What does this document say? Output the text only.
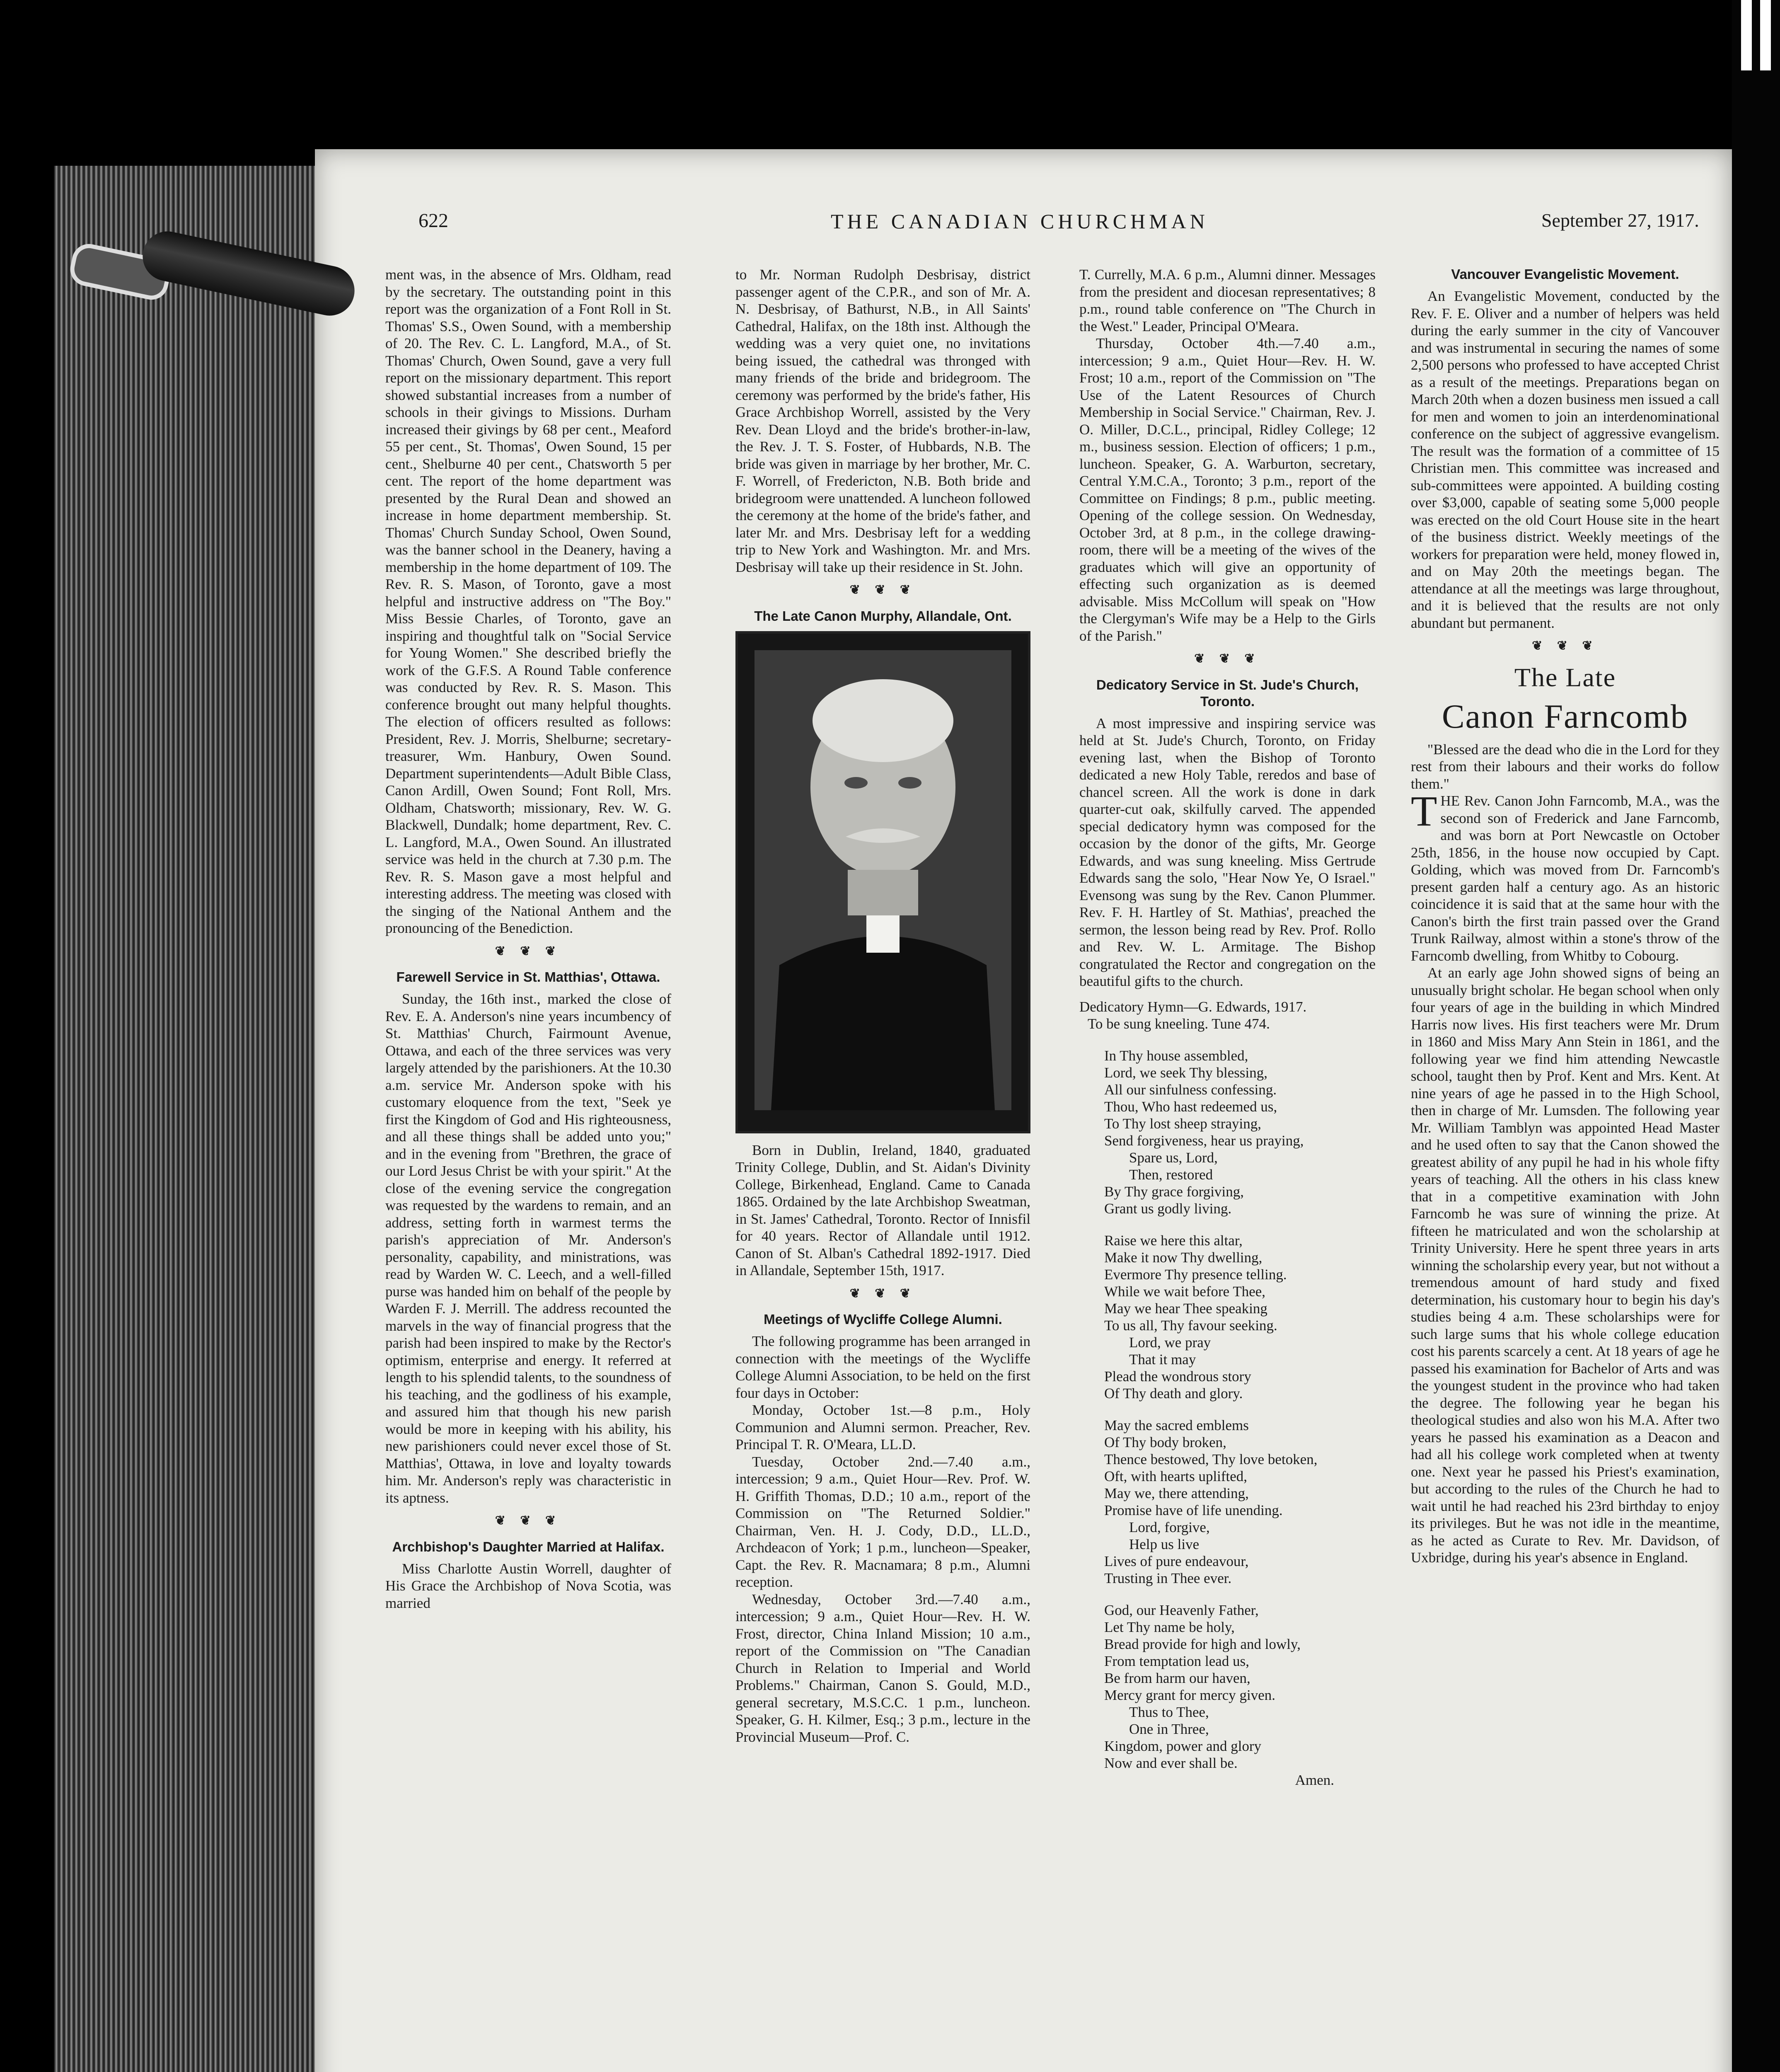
622	THE CANADIAN CHURCHMAN	September 27, 1917.

ment was, in the absence of Mrs. Oldham, read by the secretary. The outstanding point in this report was the organization of a Font Roll in St. Thomas' S.S., Owen Sound, with a membership of 20. The Rev. C. L. Langford, M.A., of St. Thomas' Church, Owen Sound, gave a very full report on the missionary department. This report showed substantial increases from a number of schools in their givings to Missions. Durham increased their givings by 68 per cent., Meaford 55 per cent., St. Thomas', Owen Sound, 15 per cent., Shelburne 40 per cent., Chatsworth 5 per cent. The report of the home department was presented by the Rural Dean and showed an increase in home department membership. St. Thomas' Church Sunday School, Owen Sound, was the banner school in the Deanery, having a membership in the home department of 109. The Rev. R. S. Mason, of Toronto, gave a most helpful and instructive address on "The Boy." Miss Bessie Charles, of Toronto, gave an inspiring and thoughtful talk on "Social Service for Young Women." She described briefly the work of the G.F.S. A Round Table conference was conducted by Rev. R. S. Mason. This conference brought out many helpful thoughts. The election of officers resulted as follows: President, Rev. J. Morris, Shelburne; secretary-treasurer, Wm. Hanbury, Owen Sound. Department superintendents—Adult Bible Class, Canon Ardill, Owen Sound; Font Roll, Mrs. Oldham, Chatsworth; missionary, Rev. W. G. Blackwell, Dundalk; home department, Rev. C. L. Langford, M.A., Owen Sound. An illustrated service was held in the church at 7.30 p.m. The Rev. R. S. Mason gave a most helpful and interesting address. The meeting was closed with the singing of the National Anthem and the pronouncing of the Benediction.

❦ ❦ ❦
Farewell Service in St. Matthias', Ottawa.

Sunday, the 16th inst., marked the close of Rev. E. A. Anderson's nine years incumbency of St. Matthias' Church, Fairmount Avenue, Ottawa, and each of the three services was very largely attended by the parishioners. At the 10.30 a.m. service Mr. Anderson spoke with his customary eloquence from the text, "Seek ye first the Kingdom of God and His righteousness, and all these things shall be added unto you;" and in the evening from "Brethren, the grace of our Lord Jesus Christ be with your spirit." At the close of the evening service the congregation was requested by the wardens to remain, and an address, setting forth in warmest terms the parish's appreciation of Mr. Anderson's personality, capability, and ministrations, was read by Warden W. C. Leech, and a well-filled purse was handed him on behalf of the people by Warden F. J. Merrill. The address recounted the marvels in the way of financial progress that the parish had been inspired to make by the Rector's optimism, enterprise and energy. It referred at length to his splendid talents, to the soundness of his teaching, and the godliness of his example, and assured him that though his new parish would be more in keeping with his ability, his new parishioners could never excel those of St. Matthias', Ottawa, in love and loyalty towards him. Mr. Anderson's reply was characteristic in its aptness.

❦ ❦ ❦
Archbishop's Daughter Married at Halifax.

Miss Charlotte Austin Worrell, daughter of His Grace the Archbishop of Nova Scotia, was married

to Mr. Norman Rudolph Desbrisay, district passenger agent of the C.P.R., and son of Mr. A. N. Desbrisay, of Bathurst, N.B., in All Saints' Cathedral, Halifax, on the 18th inst. Although the wedding was a very quiet one, no invitations being issued, the cathedral was thronged with many friends of the bride and bridegroom. The ceremony was performed by the bride's father, His Grace Archbishop Worrell, assisted by the Very Rev. Dean Lloyd and the bride's brother-in-law, the Rev. J. T. S. Foster, of Hubbards, N.B. The bride was given in marriage by her brother, Mr. C. F. Worrell, of Fredericton, N.B. Both bride and bridegroom were unattended. A luncheon followed the ceremony at the home of the bride's father, and later Mr. and Mrs. Desbrisay left for a wedding trip to New York and Washington. Mr. and Mrs. Desbrisay will take up their residence in St. John.

❦ ❦ ❦
The Late Canon Murphy, Allandale, Ont.

Born in Dublin, Ireland, 1840, graduated Trinity College, Dublin, and St. Aidan's Divinity College, Birkenhead, England. Came to Canada 1865. Ordained by the late Archbishop Sweatman, in St. James' Cathedral, Toronto. Rector of Innisfil for 40 years. Rector of Allandale until 1912. Canon of St. Alban's Cathedral 1892-1917. Died in Allandale, September 15th, 1917.

❦ ❦ ❦
Meetings of Wycliffe College Alumni.

The following programme has been arranged in connection with the meetings of the Wycliffe College Alumni Association, to be held on the first four days in October:

Monday, October 1st.—8 p.m., Holy Communion and Alumni sermon. Preacher, Rev. Principal T. R. O'Meara, LL.D.

Tuesday, October 2nd.—7.40 a.m., intercession; 9 a.m., Quiet Hour—Rev. Prof. W. H. Griffith Thomas, D.D.; 10 a.m., report of the Commission on "The Returned Soldier." Chairman, Ven. H. J. Cody, D.D., LL.D., Archdeacon of York; 1 p.m., luncheon—Speaker, Capt. the Rev. R. Macnamara; 8 p.m., Alumni reception.

Wednesday, October 3rd.—7.40 a.m., intercession; 9 a.m., Quiet Hour—Rev. H. W. Frost, director, China Inland Mission; 10 a.m., report of the Commission on "The Canadian Church in Relation to Imperial and World Problems." Chairman, Canon S. Gould, M.D., general secretary, M.S.C.C. 1 p.m., luncheon. Speaker, G. H. Kilmer, Esq.; 3 p.m., lecture in the Provincial Museum—Prof. C.

T. Currelly, M.A. 6 p.m., Alumni dinner. Messages from the president and diocesan representatives; 8 p.m., round table conference on "The Church in the West." Leader, Principal O'Meara.

Thursday, October 4th.—7.40 a.m., intercession; 9 a.m., Quiet Hour—Rev. H. W. Frost; 10 a.m., report of the Commission on "The Use of the Latent Resources of Church Membership in Social Service." Chairman, Rev. J. O. Miller, D.C.L., principal, Ridley College; 12 m., business session. Election of officers; 1 p.m., luncheon. Speaker, G. A. Warburton, secretary, Central Y.M.C.A., Toronto; 3 p.m., report of the Committee on Findings; 8 p.m., public meeting. Opening of the college session. On Wednesday, October 3rd, at 8 p.m., in the college drawing-room, there will be a meeting of the wives of the graduates which will give an opportunity of effecting such organization as is deemed advisable. Miss McCollum will speak on "How the Clergyman's Wife may be a Help to the Girls of the Parish."

❦ ❦ ❦
Dedicatory Service in St. Jude's Church, Toronto.

A most impressive and inspiring service was held at St. Jude's Church, Toronto, on Friday evening last, when the Bishop of Toronto dedicated a new Holy Table, reredos and base of chancel screen. All the work is done in dark quarter-cut oak, skilfully carved. The appended special dedicatory hymn was composed for the occasion by the donor of the gifts, Mr. George Edwards, and was sung kneeling. Miss Gertrude Edwards sang the solo, "Hear Now Ye, O Israel." Evensong was sung by the Rev. Canon Plummer. Rev. F. H. Hartley of St. Mathias', preached the sermon, the lesson being read by Rev. Prof. Rollo and Rev. W. L. Armitage. The Bishop congratulated the Rector and congregation on the beautiful gifts to the church.

Dedicatory Hymn—G. Edwards, 1917.

To be sung kneeling. Tune 474.

In Thy house assembled,

Lord, we seek Thy blessing,

All our sinfulness confessing.

Thou, Who hast redeemed us,

To Thy lost sheep straying,

Send forgiveness, hear us praying,

Spare us, Lord,

Then, restored

By Thy grace forgiving,

Grant us godly living.

Raise we here this altar,

Make it now Thy dwelling,

Evermore Thy presence telling.

While we wait before Thee,

May we hear Thee speaking

To us all, Thy favour seeking.

Lord, we pray

That it may

Plead the wondrous story

Of Thy death and glory.

May the sacred emblems

Of Thy body broken,

Thence bestowed, Thy love betoken,

Oft, with hearts uplifted,

May we, there attending,

Promise have of life unending.

Lord, forgive,

Help us live

Lives of pure endeavour,

Trusting in Thee ever.

God, our Heavenly Father,

Let Thy name be holy,

Bread provide for high and lowly,

From temptation lead us,

Be from harm our haven,

Mercy grant for mercy given.

Thus to Thee,

One in Three,

Kingdom, power and glory

Now and ever shall be.

Amen.

Vancouver Evangelistic Movement.

An Evangelistic Movement, conducted by the Rev. F. E. Oliver and a number of helpers was held during the early summer in the city of Vancouver and was instrumental in securing the names of some 2,500 persons who professed to have accepted Christ as a result of the meetings. Preparations began on March 20th when a dozen business men issued a call for men and women to join an interdenominational conference on the subject of aggressive evangelism. The result was the formation of a committee of 15 Christian men. This committee was increased and sub-committees were appointed. A building costing over $3,000, capable of seating some 5,000 people was erected on the old Court House site in the heart of the business district. Weekly meetings of the workers for preparation were held, money flowed in, and on May 20th the meetings began. The attendance at all the meetings was large throughout, and it is believed that the results are not only abundant but permanent.

❦ ❦ ❦
The Late
Canon Farncomb

"Blessed are the dead who die in the Lord for they rest from their labours and their works do follow them."

THE Rev. Canon John Farncomb, M.A., was the second son of Frederick and Jane Farncomb, and was born at Port Newcastle on October 25th, 1856, in the house now occupied by Capt. Golding, which was moved from Dr. Farncomb's present garden half a century ago. As an historic coincidence it is said that at the same hour with the Canon's birth the first train passed over the Grand Trunk Railway, almost within a stone's throw of the Farncomb dwelling, from Whitby to Cobourg.

At an early age John showed signs of being an unusually bright scholar. He began school when only four years of age in the building in which Mindred Harris now lives. His first teachers were Mr. Drum in 1860 and Miss Mary Ann Stein in 1861, and the following year we find him attending Newcastle school, taught then by Prof. Kent and Mrs. Kent. At nine years of age he passed in to the High School, then in charge of Mr. Lumsden. The following year Mr. William Tamblyn was appointed Head Master and he used often to say that the Canon showed the greatest ability of any pupil he had in his whole fifty years of teaching. All the others in his class knew that in a competitive examination with John Farncomb he was sure of winning the prize. At fifteen he matriculated and won the scholarship at Trinity University. Here he spent three years in arts winning the scholarship every year, but not without a tremendous amount of hard study and fixed determination, his customary hour to begin his day's studies being 4 a.m. These scholarships were for such large sums that his whole college education cost his parents scarcely a cent. At 18 years of age he passed his examination for Bachelor of Arts and was the youngest student in the province who had taken the degree. The following year he began his theological studies and also won his M.A. After two years he passed his examination as a Deacon and had all his college work completed when at twenty one. Next year he passed his Priest's examination, but according to the rules of the Church he had to wait until he had reached his 23rd birthday to enjoy its privileges. But he was not idle in the meantime, as he acted as Curate to Rev. Mr. Davidson, of Uxbridge, during his year's absence in England.
